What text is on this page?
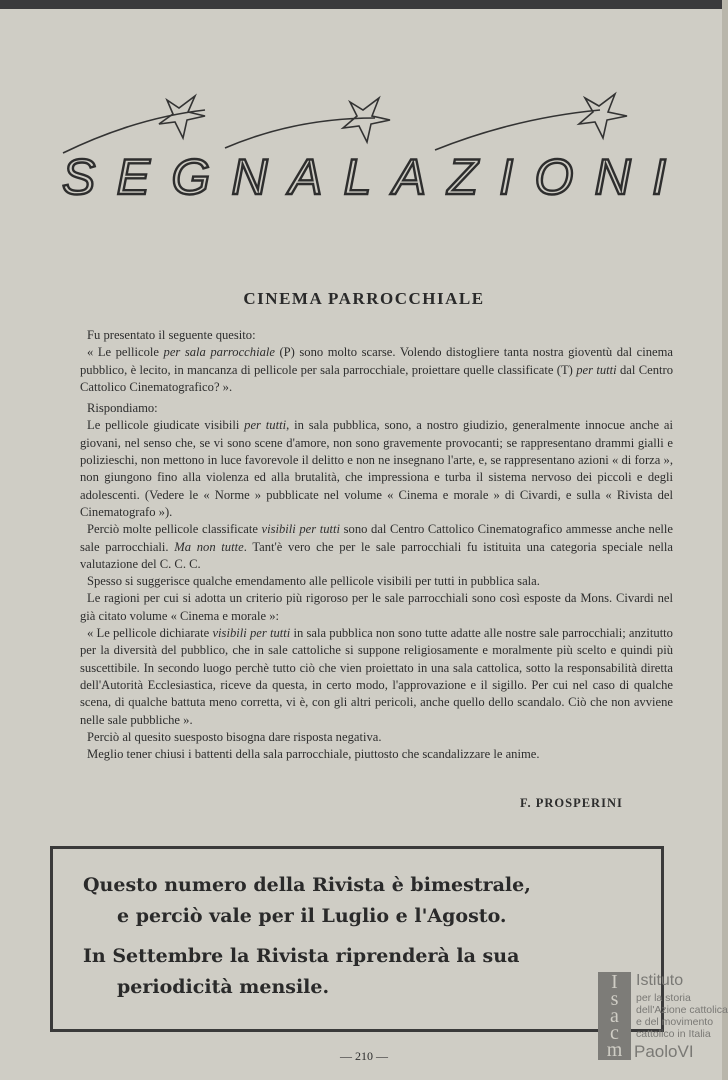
SEGNALAZIONI
CINEMA PARROCCHIALE

Fu presentato il seguente quesito:

« Le pellicole per sala parrocchiale (P) sono molto scarse. Volendo distogliere tanta nostra gioventù dal cinema pubblico, è lecito, in mancanza di pellicole per sala parrocchiale, proiettare quelle classificate (T) per tutti dal Centro Cattolico Cinematografico? ».

Rispondiamo:

Le pellicole giudicate visibili per tutti, in sala pubblica, sono, a nostro giudizio, generalmente innocue anche ai giovani, nel senso che, se vi sono scene d'amore, non sono gravemente provocanti; se rappresentano drammi gialli e polizieschi, non mettono in luce favorevole il delitto e non ne insegnano l'arte, e, se rappresentano azioni « di forza », non giungono fino alla violenza ed alla brutalità, che impressiona e turba il sistema nervoso dei piccoli e degli adolescenti. (Vedere le « Norme » pubblicate nel volume « Cinema e morale » di Civardi, e sulla « Rivista del Cinematografo »).

Perciò molte pellicole classificate visibili per tutti sono dal Centro Cattolico Cinematografico ammesse anche nelle sale parrocchiali. Ma non tutte. Tant'è vero che per le sale parrocchiali fu istituita una categoria speciale nella valutazione del C. C. C.

Spesso si suggerisce qualche emendamento alle pellicole visibili per tutti in pubblica sala.

Le ragioni per cui si adotta un criterio più rigoroso per le sale parrocchiali sono così esposte da Mons. Civardi nel già citato volume « Cinema e morale »:

« Le pellicole dichiarate visibili per tutti in sala pubblica non sono tutte adatte alle nostre sale parrocchiali; anzitutto per la diversità del pubblico, che in sale cattoliche si suppone religiosamente e moralmente più scelto e quindi più suscettibile. In secondo luogo perchè tutto ciò che vien proiettato in una sala cattolica, sotto la responsabilità diretta dell'Autorità Ecclesiastica, riceve da questa, in certo modo, l'approvazione e il sigillo. Per cui nel caso di qualche scena, di qualche battuta meno corretta, vi è, con gli altri pericoli, anche quello dello scandalo. Ciò che non avviene nelle sale pubbliche ».

Perciò al quesito suesposto bisogna dare risposta negativa.

Meglio tener chiusi i battenti della sala parrocchiale, piuttosto che scandalizzare le anime.

F. PROSPERINI

Questo numero della Rivista è bimestrale,

e perciò vale per il Luglio e l'Agosto.

In Settembre la Rivista riprenderà la sua

periodicità mensile.

— 210 —
I
s
a
c
m
Istituto
per la storia
dell'Azione cattolica
e del movimento
cattolico in Italia
PaoloVI
